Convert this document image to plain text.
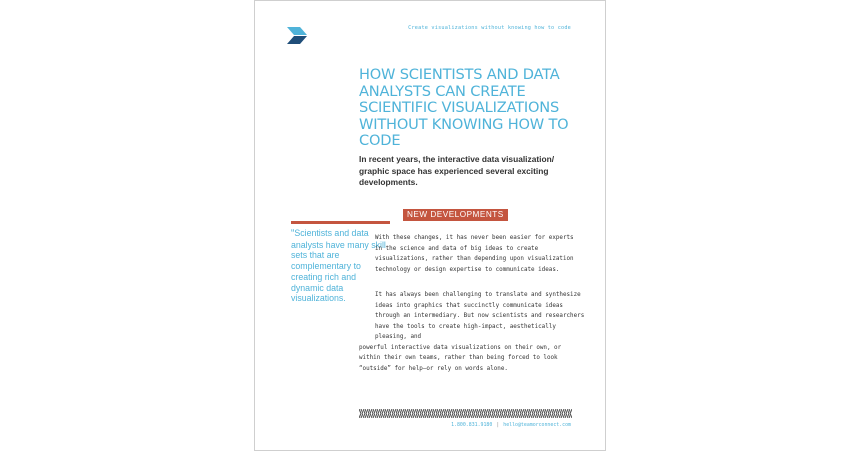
Create visualizations without knowing how to code
HOW SCIENTISTS AND DATA ANALYSTS CAN CREATE SCIENTIFIC VISUALIZATIONS WITHOUT KNOWING HOW TO CODE

In recent years, the interactive data visualization/ graphic space has experienced several exciting developments.

“Scientists and data analysts have many skill sets that are complementary to creating rich and dynamic data visualizations.

NEW DEVELOPMENTS

With these changes, it has never been easier for experts in the science and data of big ideas to create visualizations, rather than depending upon visualization technology or design expertise to communicate ideas.

It has always been challenging to translate and synthesize ideas into graphics that succinctly communicate ideas through an intermediary. But now scientists and researchers have the tools to create high-impact, aesthetically pleasing, and
powerful interactive data visualizations on their own, or within their own teams, rather than being forced to look “outside” for help—or rely on words alone.

1.800.831.9180 | hello@teamorconnect.com
